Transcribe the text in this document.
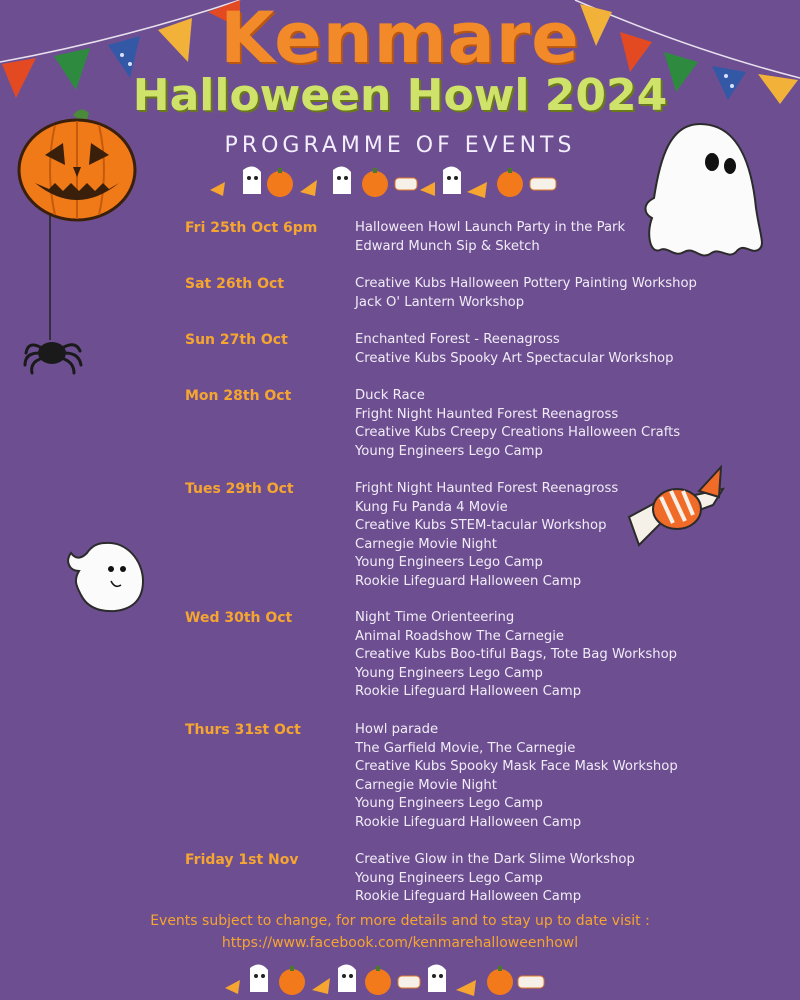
Kenmare
Halloween Howl 2024
PROGRAMME OF EVENTS
Fri 25th Oct 6pm	Halloween Howl Launch Party in the Park
Edward Munch Sip & Sketch
Sat 26th Oct	Creative Kubs Halloween Pottery Painting Workshop
Jack O' Lantern Workshop
Sun 27th Oct	Enchanted Forest - Reenagross
Creative Kubs Spooky Art Spectacular Workshop
Mon 28th Oct	Duck Race
Fright Night Haunted Forest Reenagross
Creative Kubs Creepy Creations Halloween Crafts
Young Engineers Lego Camp
Tues 29th Oct	Fright Night Haunted Forest Reenagross
Kung Fu Panda 4 Movie
Creative Kubs STEM-tacular Workshop
Carnegie Movie Night
Young Engineers Lego Camp
Rookie Lifeguard Halloween Camp
Wed 30th Oct	Night Time Orienteering
Animal Roadshow The Carnegie
Creative Kubs Boo-tiful Bags, Tote Bag Workshop
Young Engineers Lego Camp
Rookie Lifeguard Halloween Camp
Thurs 31st Oct	Howl parade
The Garfield Movie, The Carnegie
Creative Kubs Spooky Mask Face Mask Workshop
Carnegie Movie Night
Young Engineers Lego Camp
Rookie Lifeguard Halloween Camp
Friday 1st Nov	Creative Glow in the Dark Slime Workshop
Young Engineers Lego Camp
Rookie Lifeguard Halloween Camp
Events subject to change, for more details and to stay up to date visit :
https://www.facebook.com/kenmarehalloweenhowl
